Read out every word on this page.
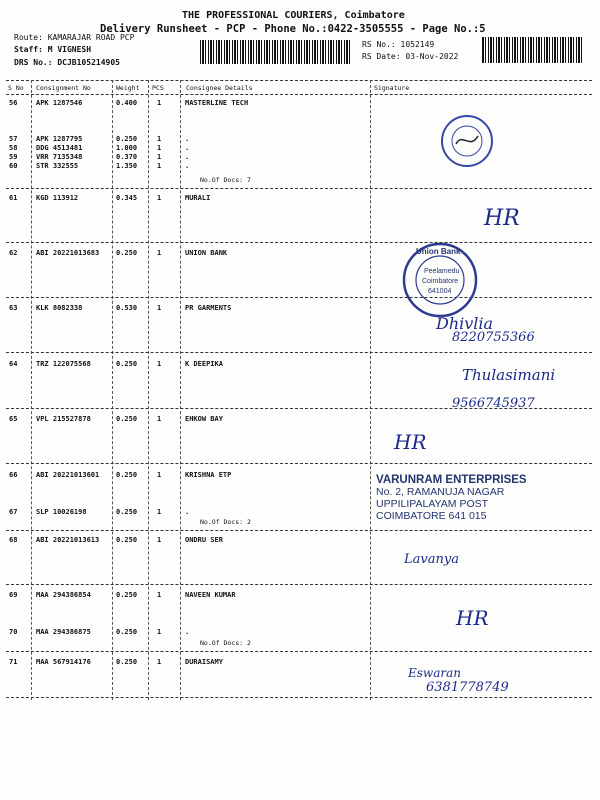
THE PROFESSIONAL COURIERS, Coimbatore
Delivery Runsheet - PCP - Phone No.:0422-3505555 - Page No.:5
Route: KAMARAJAR ROAD PCP
Staff: M VIGNESH
DRS No.: DCJB105214905
RS No.: 1052149
RS Date: 03-Nov-2022
S No Consignment No	Weight PCS	Consignee Details	Signature
56	APK 1287546	0.400	1	MASTERLINE TECH
57	APK 1287795	0.250	1	.
58	DDG 4513481	1.000	1	.
59	VRR 7135348	0.370	1	.
60	STR 332555	1.350	1	.
No.Of Docs: 7
61	KGD 113912	0.345	1	MURALI
62	ABI 20221013683 0.250	1	UNION BANK
63	KLK 8082338	0.530	1	PR GARMENTS
64	TRZ 122075568	0.250	1	K DEEPIKA
65	VPL 215527878	0.250	1	EHKOW BAY
66	ABI 20221013601 0.250	1	KRISHNA ETP
67	SLP 10026198	0.250	1	.
No.Of Docs: 2
68	ABI 20221013613 0.250	1	ONDRU SER
69	MAA 294386854	0.250	1	NAVEEN KUMAR
70	MAA 294386875	0.250	1	.
No.Of Docs: 2
71	MAA 567914176	0.250	1	DURAISAMY
HR
Union Bank
Peelamedu
Coimbatore
641004
Dhivlia
8220755366
Thulasimani
9566745937
HR
VARUNRAM ENTERPRISES
No. 2, RAMANUJA NAGAR
UPPILIPALAYAM POST
COIMBATORE 641 015
Lavanya
HR
Eswaran
6381778749
